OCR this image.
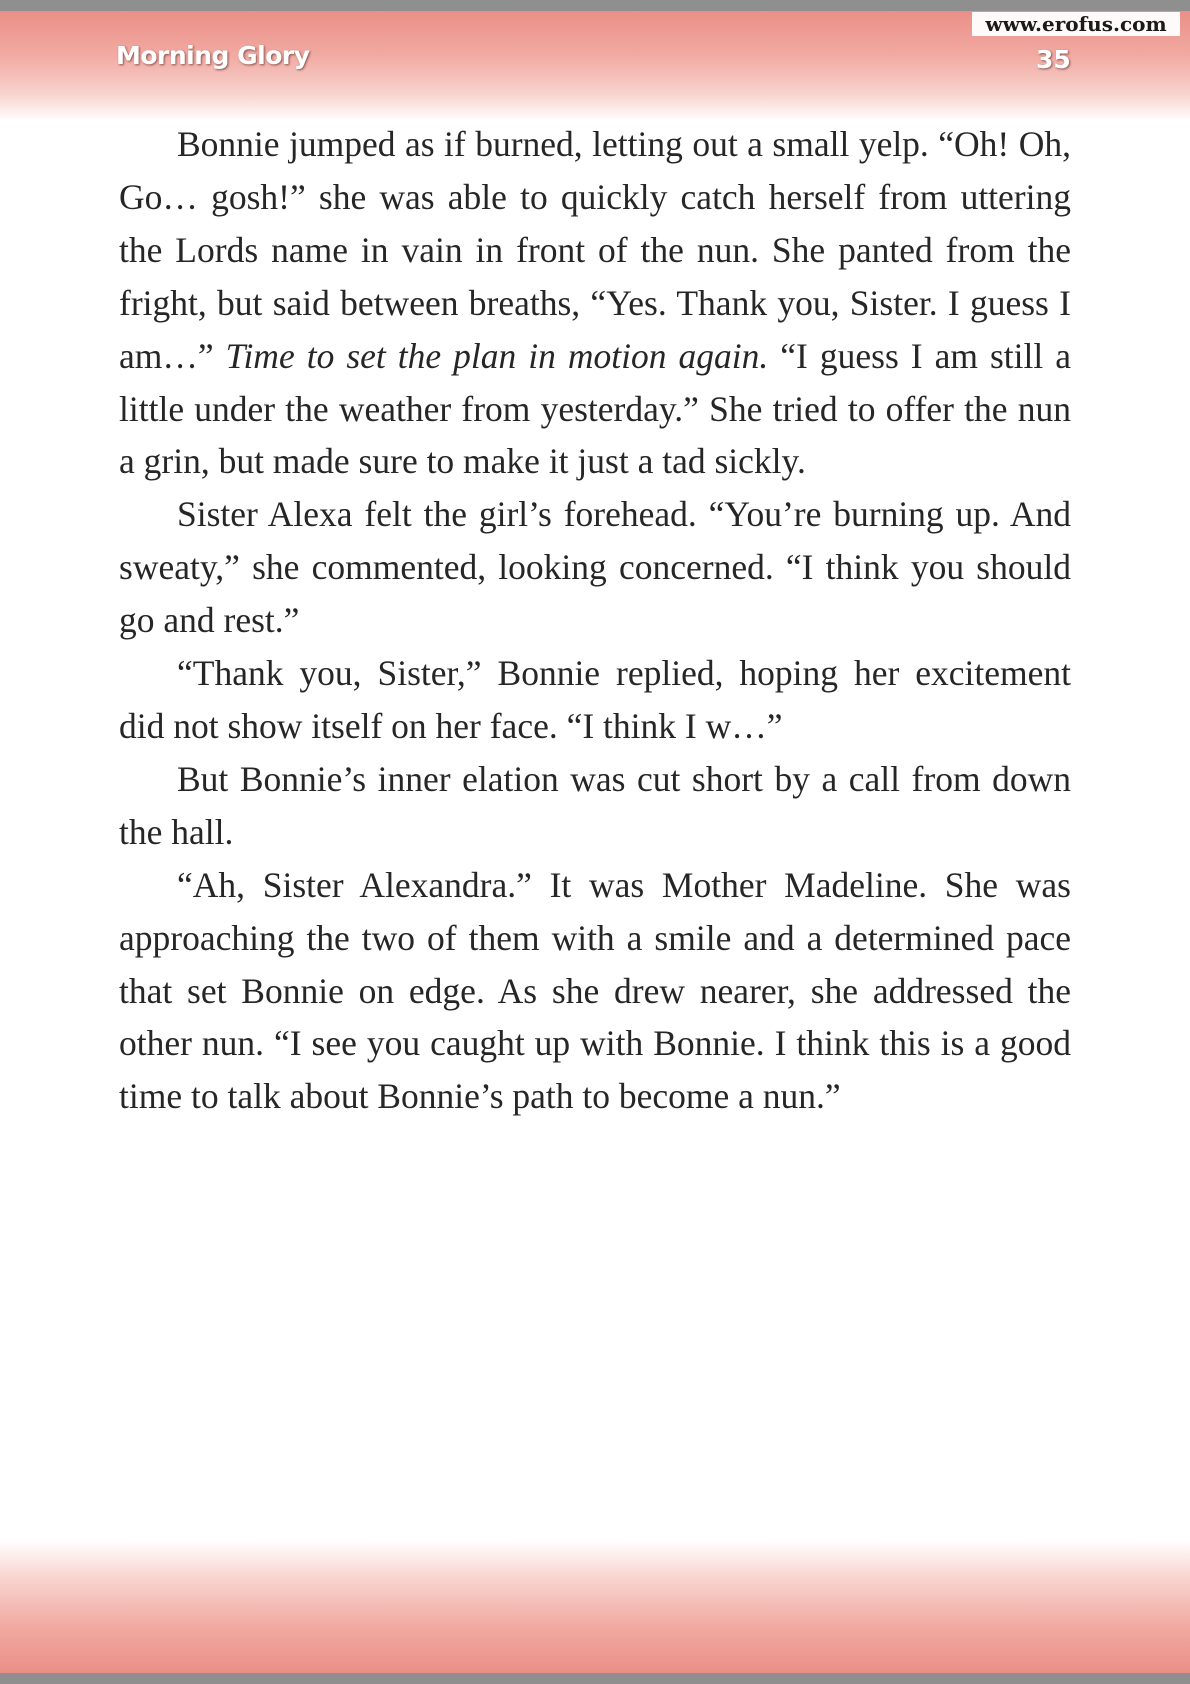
Morning Glory	35
www.erofus.com

Bonnie jumped as if burned, letting out a small yelp. “Oh! Oh, Go… gosh!” she was able to quickly catch herself from uttering the Lords name in vain in front of the nun. She panted from the fright, but said between breaths, “Yes. Thank you, Sister. I guess I am…” Time to set the plan in motion again. “I guess I am still a little under the weather from yesterday.” She tried to offer the nun a grin, but made sure to make it just a tad sickly.

Sister Alexa felt the girl’s forehead. “You’re burning up. And sweaty,” she commented, looking concerned. “I think you should go and rest.”

“Thank you, Sister,” Bonnie replied, hoping her excitement did not show itself on her face. “I think I w…”

But Bonnie’s inner elation was cut short by a call from down the hall.

“Ah, Sister Alexandra.” It was Mother Madeline. She was approaching the two of them with a smile and a determined pace that set Bonnie on edge. As she drew nearer, she addressed the other nun. “I see you caught up with Bonnie. I think this is a good time to talk about Bonnie’s path to become a nun.”
